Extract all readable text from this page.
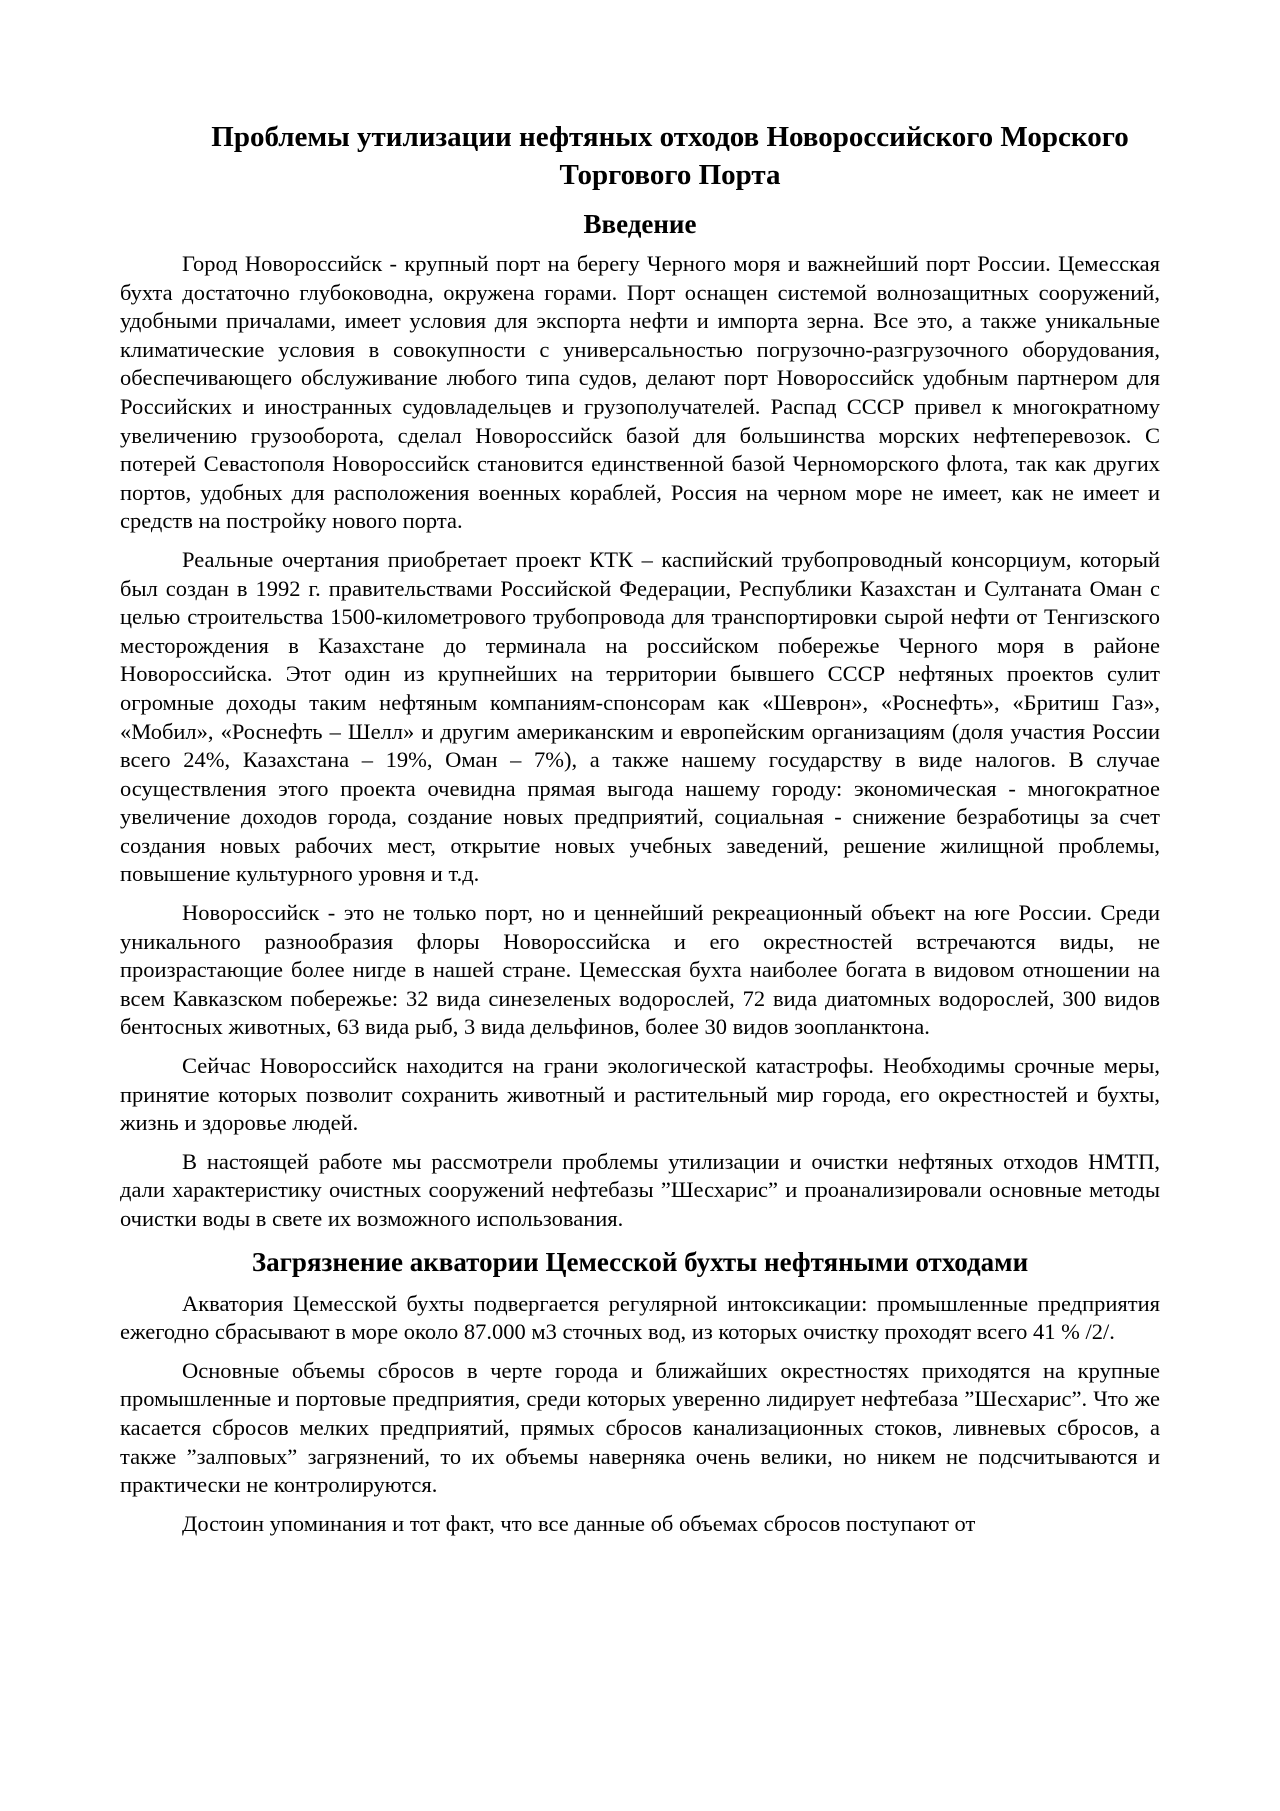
Проблемы утилизации нефтяных отходов Новороссийского Морского Торгового Порта
Введение

Город Новороссийск - крупный порт на берегу Черного моря и важнейший порт России. Цемесская бухта достаточно глубоководна, окружена горами. Порт оснащен системой волнозащитных сооружений, удобными причалами, имеет условия для экспорта нефти и импорта зерна. Все это, а также уникальные климатические условия в совокупности с универсальностью погрузочно-разгрузочного оборудования, обеспечивающего обслуживание любого типа судов, делают порт Новороссийск удобным партнером для Российских и иностранных судовладельцев и грузополучателей. Распад СССР привел к многократному увеличению грузооборота, сделал Новороссийск базой для большинства морских нефтеперевозок. С потерей Севастополя Новороссийск становится единственной базой Черноморского флота, так как других портов, удобных для расположения военных кораблей, Россия на черном море не имеет, как не имеет и средств на постройку нового порта.

Реальные очертания приобретает проект КТК – каспийский трубопроводный консорциум, который был создан в 1992 г. правительствами Российской Федерации, Республики Казахстан и Султаната Оман с целью строительства 1500-километрового трубопровода для транспортировки сырой нефти от Тенгизского месторождения в Казахстане до терминала на российском побережье Черного моря в районе Новороссийска. Этот один из крупнейших на территории бывшего СССР нефтяных проектов сулит огромные доходы таким нефтяным компаниям-спонсорам как «Шеврон», «Роснефть», «Бритиш Газ», «Мобил», «Роснефть – Шелл» и другим американским и европейским организациям (доля участия России всего 24%, Казахстана – 19%, Оман – 7%), а также нашему государству в виде налогов. В случае осуществления этого проекта очевидна прямая выгода нашему городу: экономическая - многократное увеличение доходов города, создание новых предприятий, социальная - снижение безработицы за счет создания новых рабочих мест, открытие новых учебных заведений, решение жилищной проблемы, повышение культурного уровня и т.д.

Новороссийск - это не только порт, но и ценнейший рекреационный объект на юге России. Среди уникального разнообразия флоры Новороссийска и его окрестностей встречаются виды, не произрастающие более нигде в нашей стране. Цемесская бухта наиболее богата в видовом отношении на всем Кавказском побережье: 32 вида синезеленых водорослей, 72 вида диатомных водорослей, 300 видов бентосных животных, 63 вида рыб, 3 вида дельфинов, более 30 видов зоопланктона.

Сейчас Новороссийск находится на грани экологической катастрофы. Необходимы срочные меры, принятие которых позволит сохранить животный и растительный мир города, его окрестностей и бухты, жизнь и здоровье людей.

В настоящей работе мы рассмотрели проблемы утилизации и очистки нефтяных отходов НМТП, дали характеристику очистных сооружений нефтебазы ”Шесхарис” и проанализировали основные методы очистки воды в свете их возможного использования.

Загрязнение акватории Цемесской бухты нефтяными отходами

Акватория Цемесской бухты подвергается регулярной интоксикации: промышленные предприятия ежегодно сбрасывают в море около 87.000 м3 сточных вод, из которых очистку проходят всего 41 % /2/.

Основные объемы сбросов в черте города и ближайших окрестностях приходятся на крупные промышленные и портовые предприятия, среди которых уверенно лидирует нефтебаза ”Шесхарис”. Что же касается сбросов мелких предприятий, прямых сбросов канализационных стоков, ливневых сбросов, а также ”залповых” загрязнений, то их объемы наверняка очень велики, но никем не подсчитываются и практически не контролируются.

Достоин упоминания и тот факт, что все данные об объемах сбросов поступают от
